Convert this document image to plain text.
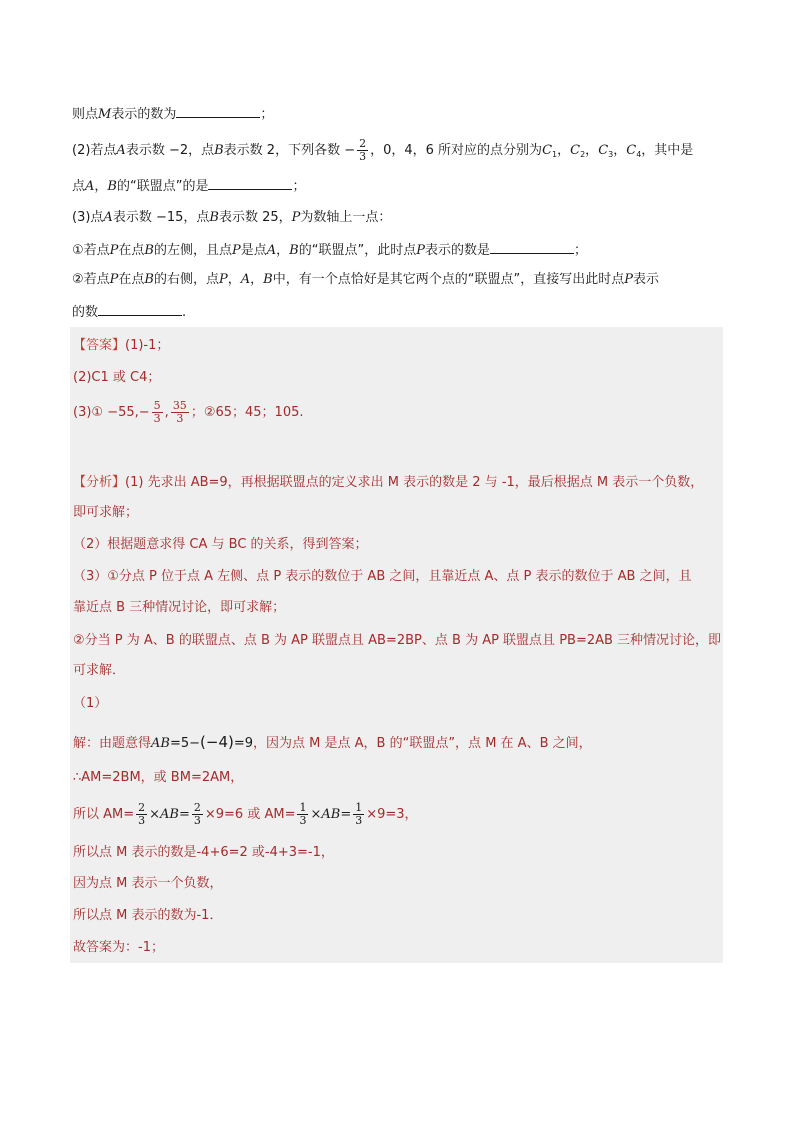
则点M表示的数为	；
(2)若点A表示数 −2，点B表示数 2，下列各数 − $\frac{2}{3}$ ，0，4，6 所对应的点分别为$C_1$，$C_2$，$C_3$，$C_4$，其中是
点A，B的“联盟点”的是	；
(3)点A表示数 −15，点B表示数 25，P为数轴上一点：
①若点P在点B的左侧，且点P是点A，B的“联盟点”，此时点P表示的数是	；
②若点P在点B的右侧，点P，A，B中，有一个点恰好是其它两个点的“联盟点”，直接写出此时点P表示
的数	.
【答案】(1)-1；
(2)C1 或 C4；
(3)① $-55,- \frac{5}{3}$ , $\frac{35}{3}$ ；②65；45；105.
【分析】(1) 先求出 AB=9，再根据联盟点的定义求出 M 表示的数是 2 与 -1，最后根据点 M 表示一个负数，
即可求解；
（2）根据题意求得 CA 与 BC 的关系，得到答案；
（3）①分点 P 位于点 A 左侧、点 P 表示的数位于 AB 之间，且靠近点 A、点 P 表示的数位于 AB 之间，且
靠近点 B 三种情况讨论，即可求解；
②分当 P 为 A、B 的联盟点、点 B 为 AP 联盟点且 AB=2BP、点 B 为 AP 联盟点且 PB=2AB 三种情况讨论，即
可求解．
（1）
解：由题意得AB=5−(−4)=9，因为点 M 是点 A，B 的“联盟点”，点 M 在 A、B 之间，
∴AM=2BM，或 BM=2AM，
所以 $AM= \frac{2}{3} \times AB= \frac{2}{3} \times 9=6$ 或 $AM= \frac{1}{3} \times AB= \frac{1}{3} \times 9=3$，
所以点 M 表示的数是-4+6=2 或-4+3=-1，
因为点 M 表示一个负数，
所以点 M 表示的数为-1．
故答案为：-1；
